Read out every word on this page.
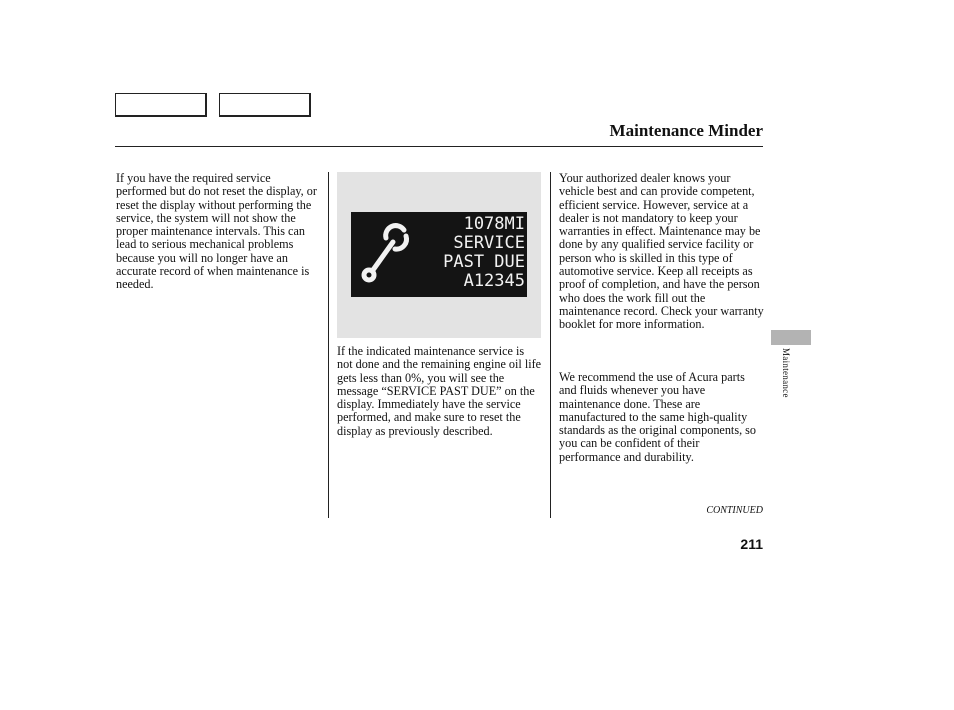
Maintenance Minder

If you have the required service performed but do not reset the display, or reset the display without performing the service, the system will not show the proper maintenance intervals. This can lead to serious mechanical problems because you will no longer have an accurate record of when maintenance is needed.

1078MI
SERVICE
PAST DUE
A12345

If the indicated maintenance service is not done and the remaining engine oil life gets less than 0%, you will see the message “SERVICE PAST DUE” on the display. Immediately have the service performed, and make sure to reset the display as previously described.

Your authorized dealer knows your vehicle best and can provide competent, efficient service. However, service at a dealer is not mandatory to keep your warranties in effect. Maintenance may be done by any qualified service facility or person who is skilled in this type of automotive service. Keep all receipts as proof of completion, and have the person who does the work fill out the maintenance record. Check your warranty booklet for more information.

We recommend the use of Acura parts and fluids whenever you have maintenance done. These are manufactured to the same high-quality standards as the original components, so you can be confident of their performance and durability.

Maintenance
CONTINUED
211
